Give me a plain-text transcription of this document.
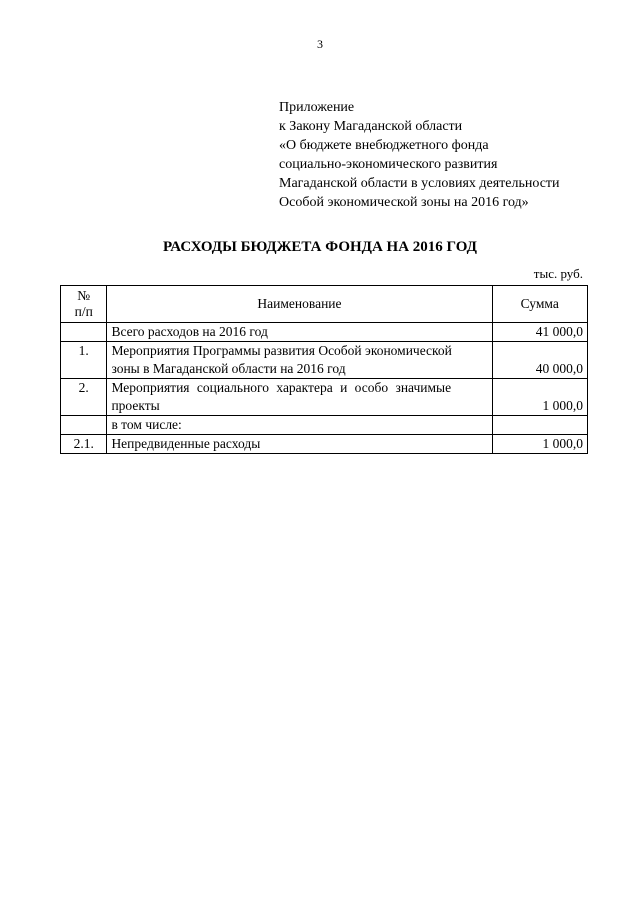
3
Приложение
к Закону Магаданской области
«О бюджете внебюджетного фонда
социально-экономического развития
Магаданской области в условиях деятельности
Особой экономической зоны на 2016 год»
РАСХОДЫ БЮДЖЕТА ФОНДА НА 2016 ГОД
тыс. руб.
№
п/п	Наименование	Сумма
	Всего расходов на 2016 год	41 000,0
1.	Мероприятия Программы развития Особой экономической
зоны в Магаданской области на 2016 год	40 000,0
2.	Мероприятия социального характера и особо значимые
проекты	1 000,0
	в том числе:	
2.1.	Непредвиденные расходы	1 000,0
